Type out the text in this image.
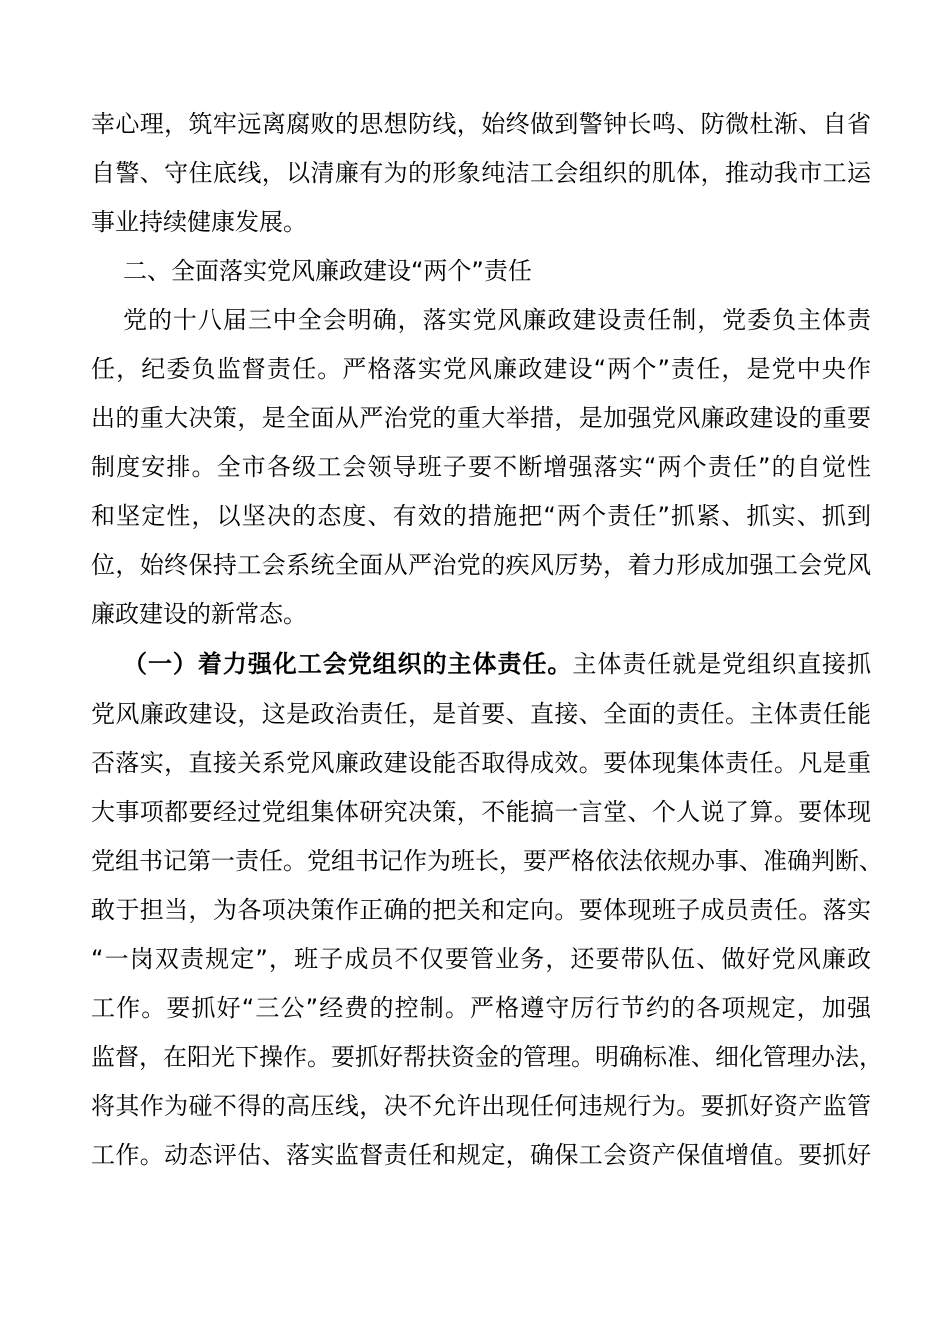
幸心理，筑牢远离腐败的思想防线，始终做到警钟长鸣、防微杜渐、自省
自警、守住底线，以清廉有为的形象纯洁工会组织的肌体，推动我市工运
事业持续健康发展。
二、全面落实党风廉政建设“两个”责任
党的十八届三中全会明确，落实党风廉政建设责任制，党委负主体责
任，纪委负监督责任。严格落实党风廉政建设“两个”责任，是党中央作
出的重大决策，是全面从严治党的重大举措，是加强党风廉政建设的重要
制度安排。全市各级工会领导班子要不断增强落实“两个责任”的自觉性
和坚定性，以坚决的态度、有效的措施把“两个责任”抓紧、抓实、抓到
位，始终保持工会系统全面从严治党的疾风厉势，着力形成加强工会党风
廉政建设的新常态。
（一）着力强化工会党组织的主体责任。主体责任就是党组织直接抓
党风廉政建设，这是政治责任，是首要、直接、全面的责任。主体责任能
否落实，直接关系党风廉政建设能否取得成效。要体现集体责任。凡是重
大事项都要经过党组集体研究决策，不能搞一言堂、个人说了算。要体现
党组书记第一责任。党组书记作为班长，要严格依法依规办事、准确判断、
敢于担当，为各项决策作正确的把关和定向。要体现班子成员责任。落实
“一岗双责规定”，班子成员不仅要管业务，还要带队伍、做好党风廉政
工作。要抓好“三公”经费的控制。严格遵守厉行节约的各项规定，加强
监督，在阳光下操作。要抓好帮扶资金的管理。明确标准、细化管理办法，
将其作为碰不得的高压线，决不允许出现任何违规行为。要抓好资产监管
工作。动态评估、落实监督责任和规定，确保工会资产保值增值。要抓好
